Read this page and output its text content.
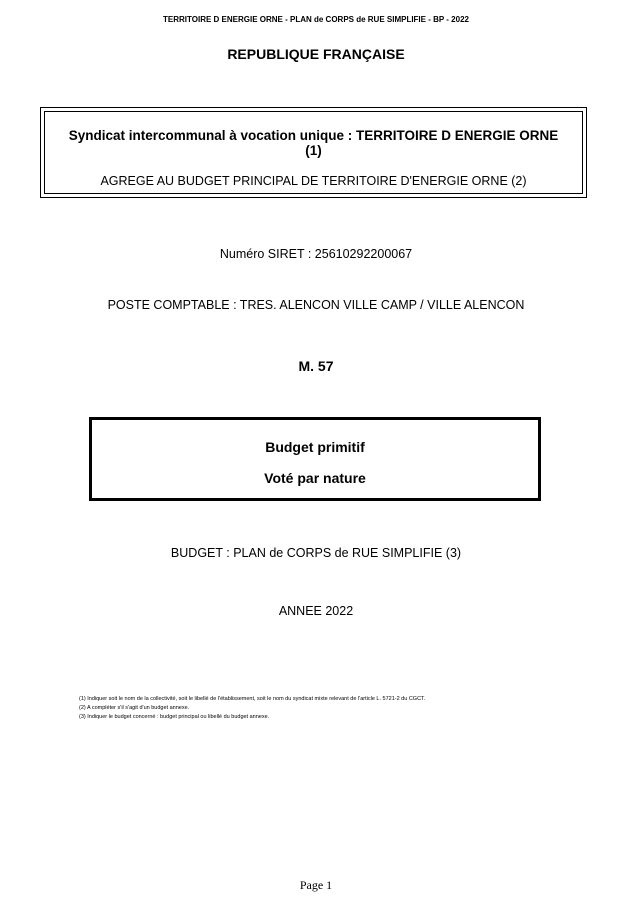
TERRITOIRE D ENERGIE ORNE - PLAN de CORPS de RUE SIMPLIFIE - BP - 2022
REPUBLIQUE FRANÇAISE
Syndicat intercommunal à vocation unique : TERRITOIRE D ENERGIE ORNE (1)
AGREGE AU BUDGET PRINCIPAL DE TERRITOIRE D'ENERGIE ORNE (2)
Numéro SIRET : 25610292200067
POSTE COMPTABLE : TRES. ALENCON VILLE CAMP / VILLE ALENCON
M. 57
Budget primitif
Voté par nature
BUDGET : PLAN de CORPS de RUE SIMPLIFIE (3)
ANNEE 2022
(1) Indiquer soit le nom de la collectivité, soit le libellé de l'établissement, soit le nom du syndicat mixte relevant de l'article L. 5721-2 du CGCT.
(2) A compléter s'il s'agit d'un budget annexe.
(3) Indiquer le budget concerné : budget principal ou libellé du budget annexe.
Page 1
